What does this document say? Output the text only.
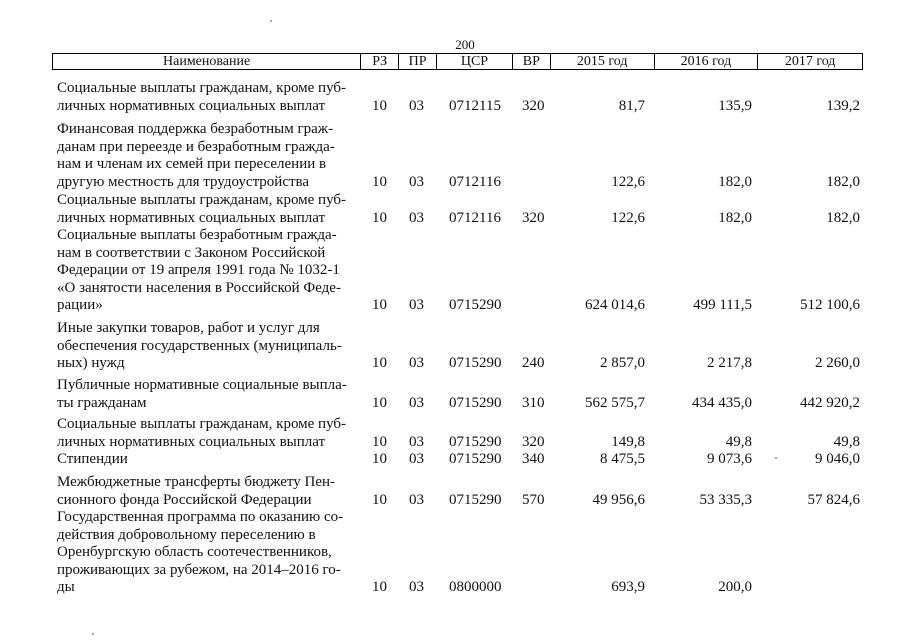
200
Наименование	РЗ	ПР	ЦСР	ВР	2015 год	2016 год	2017 год
Социальные выплаты гражданам, кроме пуб-
личных нормативных социальных выплат	10 03 0712115 320	81,7	135,9	139,2
Финансовая поддержка безработным граж-
данам при переезде и безработным гражда-
нам и членам их семей при переселении в
другую местность для трудоустройства	10 03 0712116	122,6	182,0	182,0
Социальные выплаты гражданам, кроме пуб-
личных нормативных социальных выплат	10 03 0712116 320	122,6	182,0	182,0
Социальные выплаты безработным гражда-
нам в соответствии с Законом Российской
Федерации от 19 апреля 1991 года № 1032-1
«О занятости населения в Российской Феде-
рации»	10 03 0715290	624 014,6	499 111,5	512 100,6
Иные закупки товаров, работ и услуг для
обеспечения государственных (муниципаль-
ных) нужд	10 03 0715290 240	2 857,0	2 217,8	2 260,0
Публичные нормативные социальные выпла-
ты гражданам	10 03 0715290 310	562 575,7	434 435,0	442 920,2
Социальные выплаты гражданам, кроме пуб-
личных нормативных социальных выплат	10 03 0715290 320	149,8	49,8	49,8
Стипендии	10 03 0715290 340	8 475,5	9 073,6	9 046,0
Межбюджетные трансферты бюджету Пен-
сионного фонда Российской Федерации	10 03 0715290 570	49 956,6	53 335,3	57 824,6
Государственная программа по оказанию со-
действия добровольному переселению в
Оренбургскую область соотечественников,
проживающих за рубежом, на 2014–2016 го-
ды	10 03 0800000	693,9	200,0
